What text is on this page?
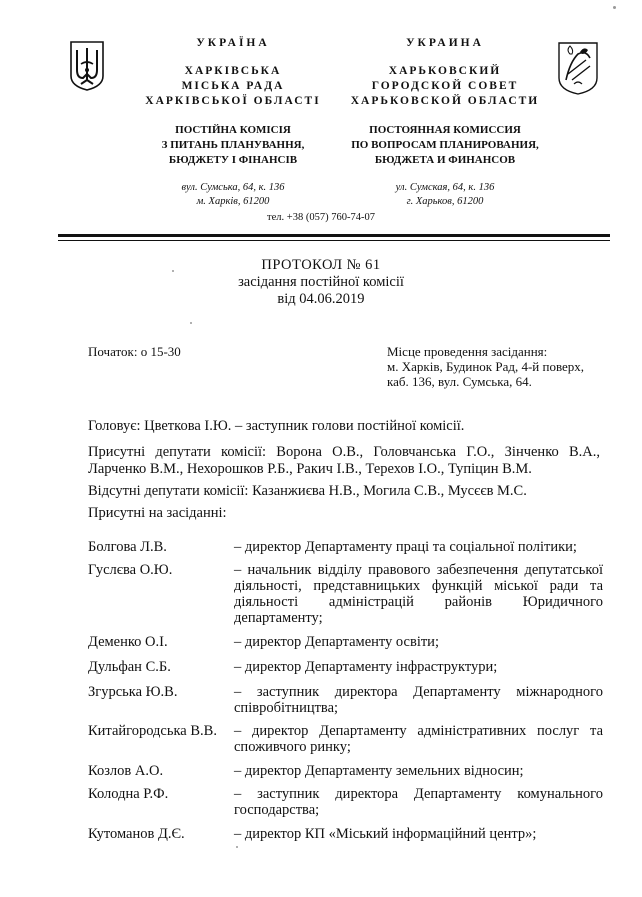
УКРАЇНА
ХАРКІВСЬКА
МІСЬКА РАДА
ХАРКІВСЬКОЇ ОБЛАСТІ
ПОСТІЙНА КОМІСІЯ
З ПИТАНЬ ПЛАНУВАННЯ,
БЮДЖЕТУ І ФІНАНСІВ
вул. Сумська, 64, к. 136
м. Харків, 61200
УКРАИНА
ХАРЬКОВСКИЙ
ГОРОДСКОЙ СОВЕТ
ХАРЬКОВСКОЙ ОБЛАСТИ
ПОСТОЯННАЯ КОМИССИЯ
ПО ВОПРОСАМ ПЛАНИРОВАНИЯ,
БЮДЖЕТА И ФИНАНСОВ
ул. Сумская, 64, к. 136
г. Харьков, 61200
тел. +38 (057) 760-74-07
ПРОТОКОЛ № 61
засідання постійної комісії
від 04.06.2019
Початок: о 15-30	Місце проведення засідання:
м. Харків, Будинок Рад, 4-й поверх,
каб. 136, вул. Сумська, 64.
Головує: Цветкова І.Ю. – заступник голови постійної комісії.
Присутні депутати комісії: Ворона О.В., Головчанська Г.О., Зінченко В.А., Ларченко В.М., Нехорошков Р.Б., Ракич І.В., Терехов І.О., Тупіцин В.М.
Відсутні депутати комісії: Казанжиєва Н.В., Могила С.В., Мусєєв М.С.
Присутні на засіданні:
Болгова Л.В.	– директор Департаменту праці та соціальної політики;
Гуслєва О.Ю.	– начальник відділу правового забезпечення депутатської діяльності, представницьких функцій міської ради та діяльності адміністрацій районів Юридичного департаменту;
Деменко О.І.	– директор Департаменту освіти;
Дульфан С.Б.	– директор Департаменту інфраструктури;
Згурська Ю.В.	– заступник директора Департаменту міжнародного співробітництва;
Китайгородська В.В.	– директор Департаменту адміністративних послуг та споживчого ринку;
Козлов А.О.	– директор Департаменту земельних відносин;
Колодна Р.Ф.	– заступник директора Департаменту комунального господарства;
Кутоманов Д.Є.	– директор КП «Міський інформаційний центр»;
